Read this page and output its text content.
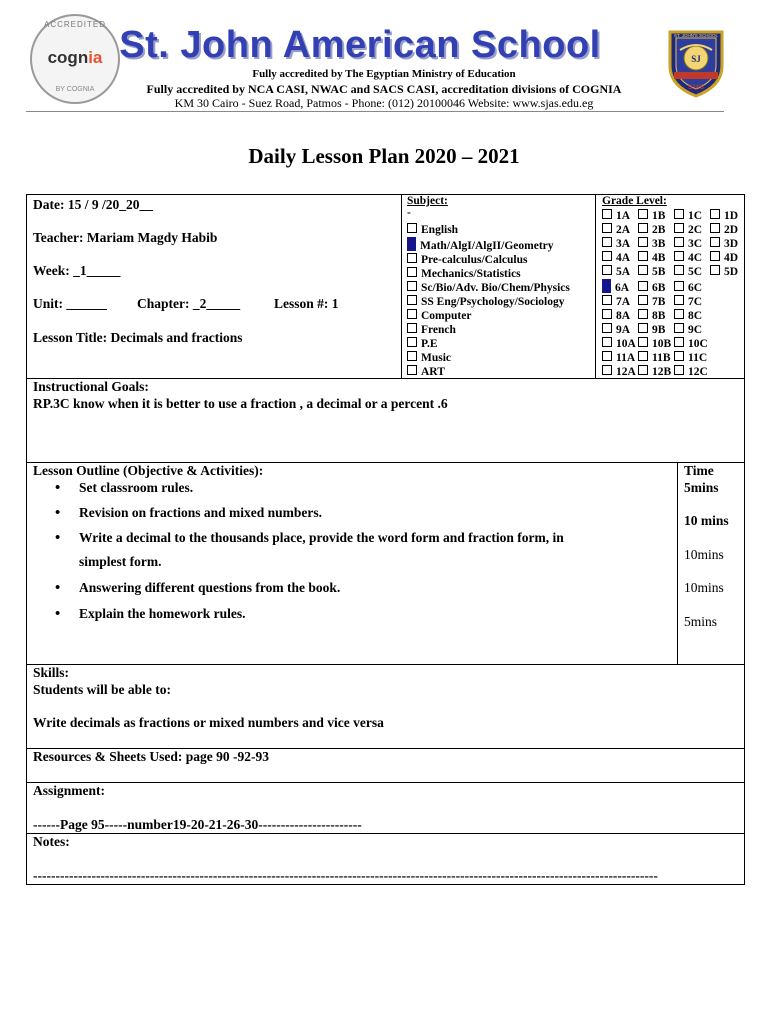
ACCREDITED
cognia
BY COGNIA
St. John American School
Fully accredited by The Egyptian Ministry of Education
Fully accredited by NCA CASI, NWAC and SACS CASI, accreditation divisions of COGNIA
KM 30 Cairo - Suez Road, Patmos - Phone: (012) 20100046 Website: www.sjas.edu.eg
SJ
ST. JOHN'S SCHOOL
SJAS
Daily Lesson Plan 2020 – 2021
Date: 15 / 9 /20_20__
Teacher: Mariam Magdy Habib
Week: _1_____
Unit: ______ Chapter: _2_____	Lesson #: 1
Lesson Title: Decimals and fractions
Subject:
-
English
Math/AlgI/AlgII/Geometry
Pre-calculus/Calculus
Mechanics/Statistics
Sc/Bio/Adv. Bio/Chem/Physics
SS Eng/Psychology/Sociology
Computer
French
P.E
Music
ART
Grade Level:
1A 1B 1C 1D
2A 2B 2C 2D
3A 3B 3C 3D
4A 4B 4C 4D
5A 5B 5C 5D
6A 6B 6C
7A 7B 7C
8A 8B 8C
9A 9B 9C
10A 10B 10C
11A 11B 11C
12A 12B 12C
Instructional Goals:
RP.3C know when it is better to use a fraction , a decimal or a percent .6
Lesson Outline (Objective & Activities):
• Set classroom rules.
• Revision on fractions and mixed numbers.
• Write a decimal to the thousands place, provide the word form and fraction form, in
simplest form.
• Answering different questions from the book.
• Explain the homework rules.
Time
5mins
10 mins
10mins
10mins
5mins
Skills:
Students will be able to:
Write decimals as fractions or mixed numbers and vice versa
Resources & Sheets Used: page 90 -92-93
Assignment:
------Page 95-----number19-20-21-26-30-----------------------
Notes:
-------------------------------------------------------------------------------------------------------------------------------------------
